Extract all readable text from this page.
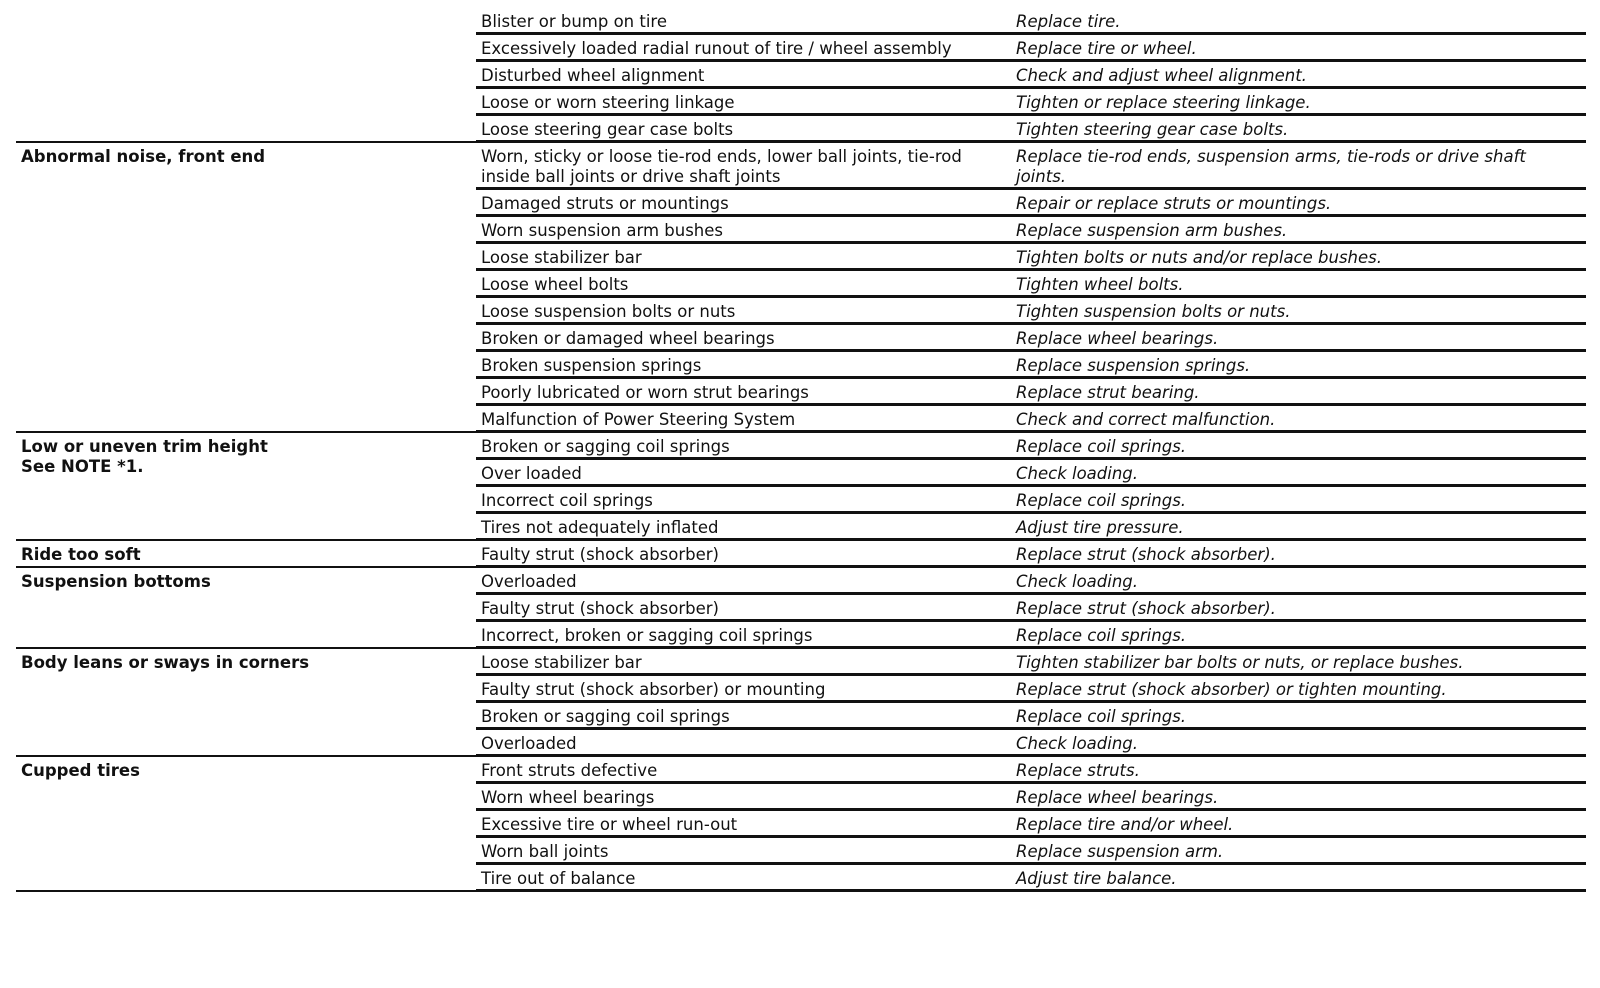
	Blister or bump on tire	Replace tire.
	Excessively loaded radial runout of tire / wheel assembly	Replace tire or wheel.
	Disturbed wheel alignment	Check and adjust wheel alignment.
	Loose or worn steering linkage	Tighten or replace steering linkage.
	Loose steering gear case bolts	Tighten steering gear case bolts.

Abnormal noise, front end	Worn, sticky or loose tie-rod ends, lower ball joints, tie-rod inside ball joints or drive shaft joints	Replace tie-rod ends, suspension arms, tie-rods or drive shaft joints.
	Damaged struts or mountings	Repair or replace struts or mountings.
	Worn suspension arm bushes	Replace suspension arm bushes.
	Loose stabilizer bar	Tighten bolts or nuts and/or replace bushes.
	Loose wheel bolts	Tighten wheel bolts.
	Loose suspension bolts or nuts	Tighten suspension bolts or nuts.
	Broken or damaged wheel bearings	Replace wheel bearings.
	Broken suspension springs	Replace suspension springs.
	Poorly lubricated or worn strut bearings	Replace strut bearing.
	Malfunction of Power Steering System	Check and correct malfunction.

Low or uneven trim height
See NOTE *1.	Broken or sagging coil springs	Replace coil springs.
	Over loaded	Check loading.
	Incorrect coil springs	Replace coil springs.
	Tires not adequately inflated	Adjust tire pressure.

Ride too soft	Faulty strut (shock absorber)	Replace strut (shock absorber).

Suspension bottoms	Overloaded	Check loading.
	Faulty strut (shock absorber)	Replace strut (shock absorber).
	Incorrect, broken or sagging coil springs	Replace coil springs.

Body leans or sways in corners	Loose stabilizer bar	Tighten stabilizer bar bolts or nuts, or replace bushes.
	Faulty strut (shock absorber) or mounting	Replace strut (shock absorber) or tighten mounting.
	Broken or sagging coil springs	Replace coil springs.
	Overloaded	Check loading.

Cupped tires	Front struts defective	Replace struts.
	Worn wheel bearings	Replace wheel bearings.
	Excessive tire or wheel run-out	Replace tire and/or wheel.
	Worn ball joints	Replace suspension arm.
	Tire out of balance	Adjust tire balance.
